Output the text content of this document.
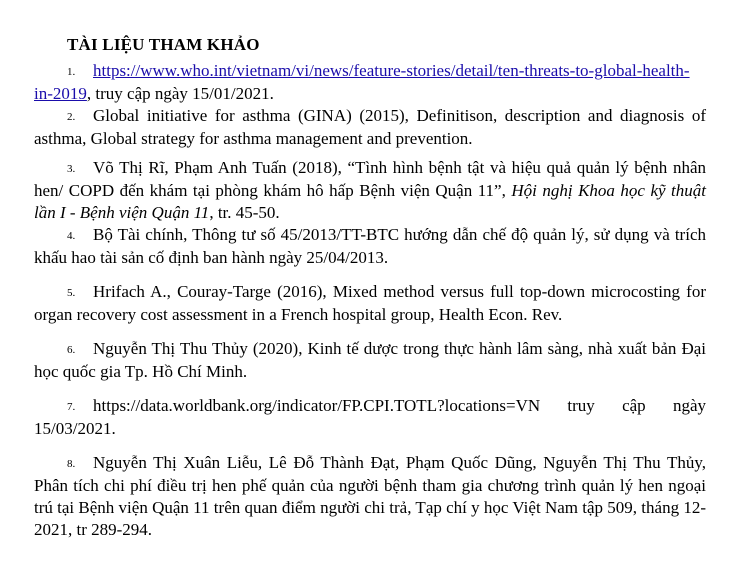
TÀI LIỆU THAM KHẢO
1. https://www.who.int/vietnam/vi/news/feature-stories/detail/ten-threats-to-global-health-in-2019, truy cập ngày 15/01/2021.
2. Global initiative for asthma (GINA) (2015), Definitison, description and diagnosis of asthma, Global strategy for asthma management and prevention.
3. Võ Thị Rĩ, Phạm Anh Tuấn (2018), “Tình hình bệnh tật và hiệu quả quản lý bệnh nhân hen/ COPD đến khám tại phòng khám hô hấp Bệnh viện Quận 11”, Hội nghị Khoa học kỹ thuật lần I - Bệnh viện Quận 11, tr. 45-50.
4. Bộ Tài chính, Thông tư số 45/2013/TT-BTC hướng dẫn chế độ quản lý, sử dụng và trích khấu hao tài sản cố định ban hành ngày 25/04/2013.
5. Hrifach A., Couray-Targe (2016), Mixed method versus full top-down microcosting for organ recovery cost assessment in a French hospital group, Health Econ. Rev.
6. Nguyễn Thị Thu Thủy (2020), Kinh tế dược trong thực hành lâm sàng, nhà xuất bản Đại học quốc gia Tp. Hồ Chí Minh.
7. https://data.worldbank.org/indicator/FP.CPI.TOTL?locations=VN truy cập ngày 15/03/2021.
8. Nguyễn Thị Xuân Liễu, Lê Đỗ Thành Đạt, Phạm Quốc Dũng, Nguyễn Thị Thu Thủy, Phân tích chi phí điều trị hen phế quản của người bệnh tham gia chương trình quản lý hen ngoại trú tại Bệnh viện Quận 11 trên quan điểm người chi trả, Tạp chí y học Việt Nam tập 509, tháng 12-2021, tr 289-294.
